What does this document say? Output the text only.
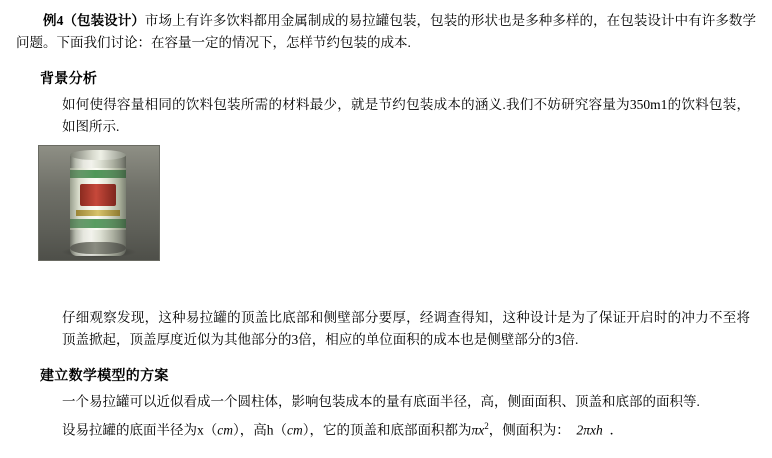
例4（包装设计）市场上有许多饮料都用金属制成的易拉罐包装，包装的形状也是多种多样的，在包装设计中有许多数学问题。下面我们讨论：在容量一定的情况下，怎样节约包装的成本.

背景分析
如何使得容量相同的饮料包装所需的材料最少，就是节约包装成本的涵义.我们不妨研究容量为350m1的饮料包装，如图所示.
仔细观察发现，这种易拉罐的顶盖比底部和侧壁部分要厚，经调查得知，这种设计是为了保证开启时的冲力不至将顶盖掀起，顶盖厚度近似为其他部分的3倍，相应的单位面积的成本也是侧壁部分的3倍.
建立数学模型的方案
一个易拉罐可以近似看成一个圆柱体，影响包装成本的量有底面半径，高，侧面面积、顶盖和底部的面积等.
设易拉罐的底面半径为x（cm），高h（cm），它的顶盖和底部面积都为$\pi x^2$，侧面积为： 2πxh ．
